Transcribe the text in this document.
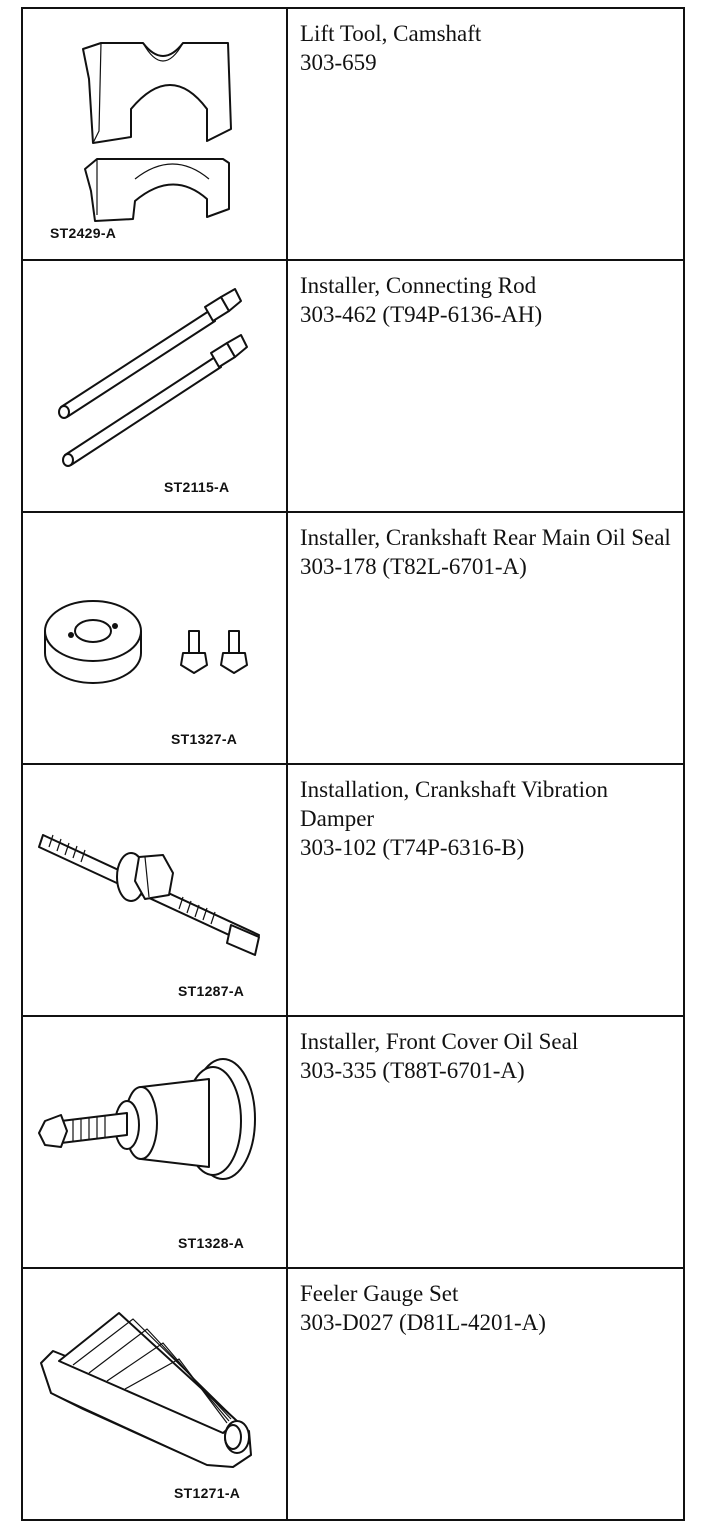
ST2429-A
Lift Tool, Camshaft
303-659
ST2115-A
Installer, Connecting Rod
303-462 (T94P-6136-AH)
ST1327-A
Installer, Crankshaft Rear Main Oil Seal
303-178 (T82L-6701-A)
ST1287-A
Installation, Crankshaft Vibration Damper
303-102 (T74P-6316-B)
ST1328-A
Installer, Front Cover Oil Seal
303-335 (T88T-6701-A)
ST1271-A
Feeler Gauge Set
303-D027 (D81L-4201-A)
